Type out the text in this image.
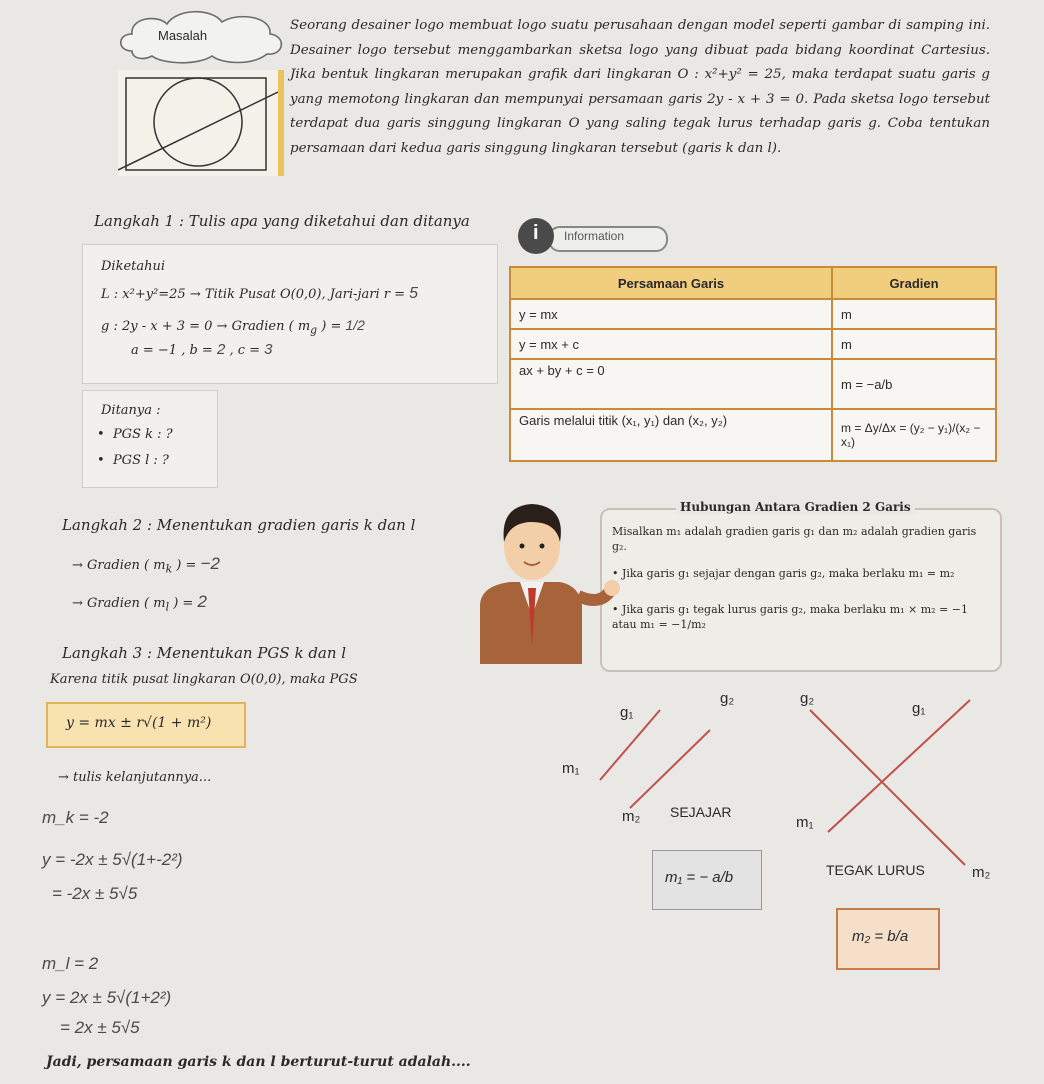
Masalah
Seorang desainer logo membuat logo suatu perusahaan dengan model seperti gambar di samping ini. Desainer logo tersebut menggambarkan sketsa logo yang dibuat pada bidang koordinat Cartesius. Jika bentuk lingkaran merupakan grafik dari lingkaran O : x²+y² = 25, maka terdapat suatu garis g yang memotong lingkaran dan mempunyai persamaan garis 2y - x + 3 = 0. Pada sketsa logo tersebut terdapat dua garis singgung lingkaran O yang saling tegak lurus terhadap garis g. Coba tentukan persamaan dari kedua garis singgung lingkaran tersebut (garis k dan l).
Langkah 1 : Tulis apa yang diketahui dan ditanya
Diketahui
L : x²+y²=25 → Titik Pusat O(0,0), Jari-jari r = 5
g : 2y - x + 3 = 0 → Gradien ( $m_g$ ) = 1/2
a = −1 , b = 2 , c = 3
Ditanya :
•  PGS k : ?
•  PGS l : ?
Information
i
Persamaan Garis	Gradien
y = mx	m
y = mx + c	m
ax + by + c = 0	m = −a/b
Garis melalui titik (x₁, y₁) dan (x₂, y₂)	m = Δy/Δx = (y₂ − y₁)/(x₂ − x₁)
Misalkan m₁ adalah gradien garis g₁ dan m₂ adalah gradien garis g₂.
• Jika garis g₁ sejajar dengan garis g₂, maka berlaku m₁ = m₂
• Jika garis g₁ tegak lurus garis g₂, maka berlaku m₁ × m₂ = −1 atau m₁ = −1/m₂
Hubungan Antara Gradien 2 Garis
Langkah 2 : Menentukan gradien garis k dan l
→ Gradien ( $m_k$ ) = −2
→ Gradien ( $m_l$ ) = 2
Langkah 3 : Menentukan PGS k dan l
Karena titik pusat lingkaran O(0,0), maka PGS
y = mx ± r√(1 + m²)
→ tulis kelanjutannya...
m_k = -2
y = -2x ± 5√(1+-2²)
= -2x ± 5√5
m_l = 2
y = 2x ± 5√(1+2²)
= 2x ± 5√5
Jadi, persamaan garis k dan l berturut-turut adalah....
g₁
g₂
m₁
m₂ SEJAJAR
g₂
g₁
m₁
TEGAK LURUS	m₂
m₁ = − a/b
m₂ = b/a
